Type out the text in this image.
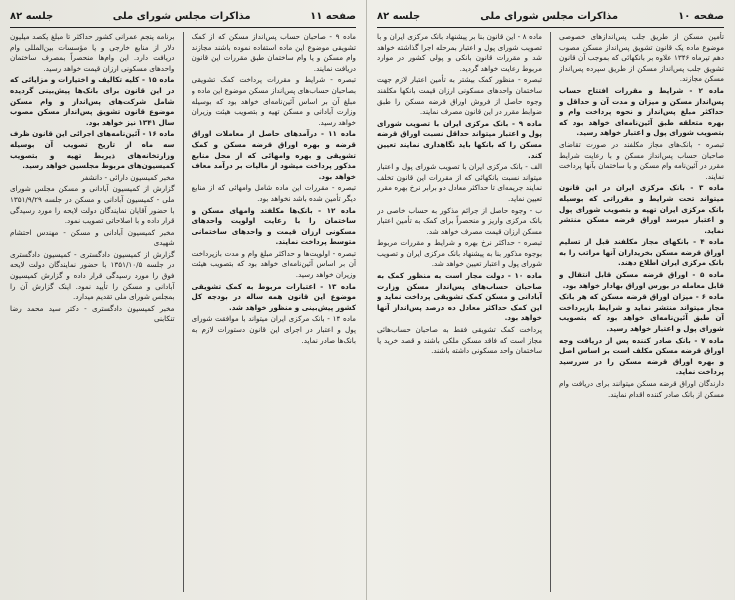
صفحه ۱۱
مذاکرات مجلس شورای ملی
جلسه ۸۲

ماده ۹ - صاحبان حساب پس‌انداز مسکن که از کمک تشویقی موضوع این ماده استفاده نموده باشند مجازند وام مسکن و یا وام ساختمان طبق مقررات این قانون دریافت نمایند.

تبصره - شرایط و مقررات پرداخت کمک تشویقی بصاحبان حساب‌های پس‌انداز مسکن موضوع این ماده و مبلغ آن بر اساس آئین‌نامه‌ای خواهد بود که بوسیله وزارت آبادانی و مسکن تهیه و بتصویب هیئت وزیران خواهد رسید.

ماده ۱۱ - درآمدهای حاصل از معاملات اوراق قرضه و بهره اوراق قرضه مسکن و کمک تشویقی و بهره وامهائی که از محل منابع مذکور پرداخت میشود از مالیات بر درآمد معاف خواهد بود.

تبصره - مقررات این ماده شامل وامهائی که از منابع دیگر تأمین شده باشد نخواهد بود.

ماده ۱۲ - بانک‌ها مکلفند وامهای مسکن و ساختمان را با رعایت اولویت واحدهای مسکونی ارزان قیمت و واحدهای ساختمانی متوسط پرداخت نمایند.

تبصره - اولویت‌ها و حداکثر مبلغ وام و مدت بازپرداخت آن بر اساس آئین‌نامه‌ای خواهد بود که بتصویب هیئت وزیران خواهد رسید.

ماده ۱۳ - اعتبارات مربوط به کمک تشویقی موضوع این قانون همه ساله در بودجه کل کشور پیش‌بینی و منظور خواهد شد.

ماده ۱۴ - بانک مرکزی ایران میتواند با موافقت شورای پول و اعتبار در اجرای این قانون دستورات لازم به بانک‌ها صادر نماید.

برنامه پنجم عمرانی کشور حداکثر تا مبلغ یکصد میلیون دلار از منابع خارجی و یا مؤسسات بین‌المللی وام دریافت دارد. این وام‌ها منحصراً بمصرف ساختمان واحدهای مسکونی ارزان قیمت خواهد رسید.

ماده ۱۵ - کلیه تکالیف و اختیارات و مزایائی که در این قانون برای بانک‌ها پیش‌بینی گردیده شامل شرکت‌های پس‌انداز و وام مسکن موضوع قانون تشویق پس‌انداز مسکن مصوب سال ۱۳۴۱ نیز خواهد بود.

ماده ۱۶ - آئین‌نامه‌های اجرائی این قانون ظرف سه ماه از تاریخ تصویب آن بوسیله وزارتخانه‌های ذیربط تهیه و بتصویب کمیسیون‌های مربوط مجلسین خواهد رسید.

مخبر کمیسیون دارائی - دانشفر

گزارش از کمیسیون آبادانی و مسکن مجلس شورای ملی - کمیسیون آبادانی و مسکن در جلسه ۱۳۵۱/۹/۲۹ با حضور آقایان نمایندگان دولت لایحه را مورد رسیدگی قرار داده و با اصلاحاتی تصویب نمود.

مخبر کمیسیون آبادانی و مسکن - مهندس احتشام شهیدی

گزارش از کمیسیون دادگستری - کمیسیون دادگستری در جلسه ۱۳۵۱/۱۰/۵ با حضور نمایندگان دولت لایحه فوق را مورد رسیدگی قرار داده و گزارش کمیسیون آبادانی و مسکن را تأیید نمود. اینک گزارش آن را بمجلس شورای ملی تقدیم میدارد.

مخبر کمیسیون دادگستری - دکتر سید محمد رضا تنکابنی

صفحه ۱۰
مذاکرات مجلس شورای ملی
جلسه ۸۲

تأمین مسکن از طریق جلب پس‌اندازهای خصوصی موضوع ماده یک قانون تشویق پس‌انداز مسکن مصوب دهم تیرماه ۱۳۴۶ علاوه بر بانکهائی که بموجب آن قانون تشویق جلب پس‌انداز مسکن از طریق سپرده پس‌انداز مسکن مجازند.

ماده ۲ - شرایط و مقررات افتتاح حساب پس‌انداز مسکن و میزان و مدت آن و حداقل و حداکثر مبلغ پس‌انداز و نحوه پرداخت وام و بهره متعلقه طبق آئین‌نامه‌ای خواهد بود که بتصویب شورای پول و اعتبار خواهد رسید.

تبصره - بانک‌های مجاز مکلفند در صورت تقاضای صاحبان حساب پس‌انداز مسکن و با رعایت شرایط مقرر در آئین‌نامه وام مسکن و یا ساختمان بآنها پرداخت نمایند.

ماده ۳ - بانک مرکزی ایران در این قانون میتواند تحت شرایط و مقرراتی که بوسیله بانک مرکزی ایران تهیه و بتصویب شورای پول و اعتبار میرسد اوراق قرضه مسکن منتشر نماید.

ماده ۴ - بانکهای مجاز مکلفند قبل از تسلیم اوراق قرضه مسکن بخریداران آنها مراتب را به بانک مرکزی ایران اطلاع دهند.

ماده ۵ - اوراق قرضه مسکن قابل انتقال و قابل معامله در بورس اوراق بهادار خواهد بود.

ماده ۶ - میزان اوراق قرضه مسکن که هر بانک مجاز میتواند منتشر نماید و شرایط بازپرداخت آن طبق آئین‌نامه‌ای خواهد بود که بتصویب شورای پول و اعتبار خواهد رسید.

ماده ۷ - بانک صادر کننده پس از دریافت وجه اوراق قرضه مسکن مکلف است بر اساس اصل و بهره اوراق قرضه مسکن را در سررسید پرداخت نماید.

دارندگان اوراق قرضه مسکن میتوانند برای دریافت وام مسکن از بانک صادر کننده اقدام نمایند.

ماده ۸ - این قانون بنا بر پیشنهاد بانک مرکزی ایران و با تصویب شورای پول و اعتبار بمرحله اجرا گذاشته خواهد شد و مقررات قانون بانکی و پولی کشور در موارد مربوط رعایت خواهد گردید.

تبصره - منظور کمک بیشتر به تأمین اعتبار لازم جهت ساختمان واحدهای مسکونی ارزان قیمت بانکها مکلفند وجوه حاصل از فروش اوراق قرضه مسکن را طبق ضوابط مقرر در این قانون مصرف نمایند.

ماده ۹ - بانک مرکزی ایران با تصویب شورای پول و اعتبار میتواند حداقل نسبت اوراق قرضه مسکن را که بانکها باید نگاهداری نمایند تعیین کند.

الف - بانک مرکزی ایران با تصویب شورای پول و اعتبار میتواند نسبت بانکهائی که از مقررات این قانون تخلف نمایند جریمه‌ای تا حداکثر معادل دو برابر نرخ بهره مقرر تعیین نماید.

ب - وجوه حاصل از جرائم مذکور به حساب خاصی در بانک مرکزی واریز و منحصراً برای کمک به تأمین اعتبار مسکن ارزان قیمت مصرف خواهد شد.

تبصره - حداکثر نرخ بهره و شرایط و مقررات مربوط بوجوه مذکور بنا به پیشنهاد بانک مرکزی ایران و تصویب شورای پول و اعتبار تعیین خواهد شد.

ماده ۱۰ - دولت مجاز است به منظور کمک به صاحبان حساب‌های پس‌انداز مسکن وزارت آبادانی و مسکن کمک تشویقی پرداخت نماید و این کمک حداکثر معادل ده درصد پس‌انداز آنها خواهد بود.

پرداخت کمک تشویقی فقط به صاحبان حساب‌هائی مجاز است که فاقد مسکن ملکی باشند و قصد خرید یا ساختمان واحد مسکونی داشته باشند.
